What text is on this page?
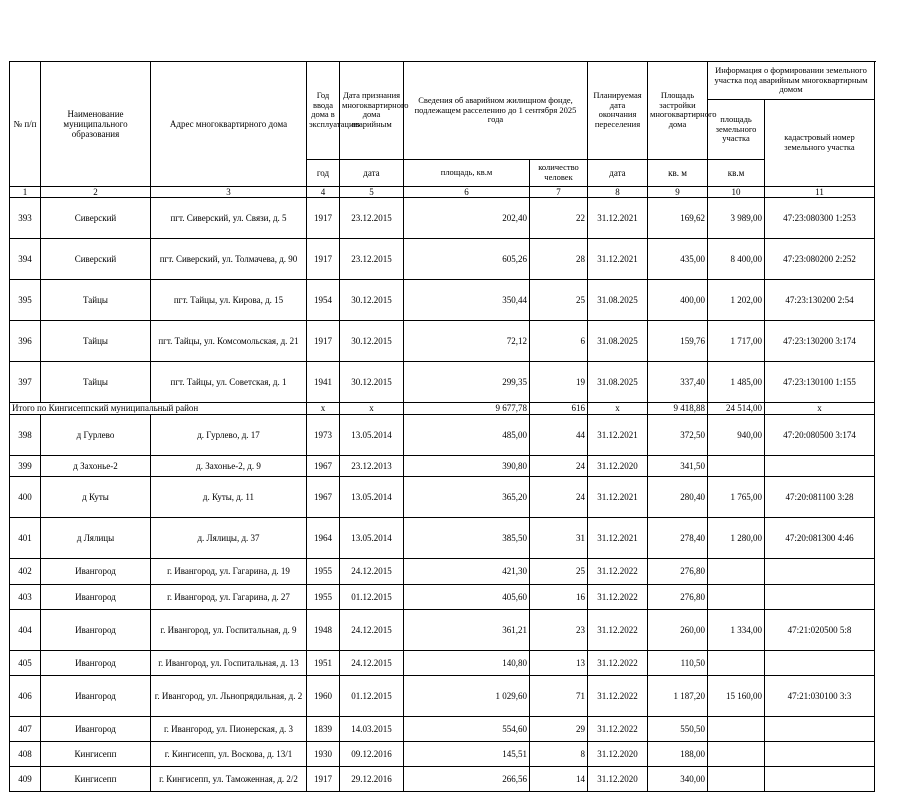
№ п/п	Наименование муниципального образования	Адрес многоквартирного дома	Год ввода дома в эксплуатацию	Дата признания многоквартирного дома аварийным	Сведения об аварийном жилищном фонде, подлежащем расселению до 1 сентября 2025 года		Планируемая дата окончания переселения	Площадь застройки многоквартирного дома	Информация о формировании земельного участка под аварийным многоквартирным домом		
									площадь земельного участка	кадастровый номер земельного участка	
			год	дата	площадь, кв.м	количество человек	дата	кв. м	кв.м		
1	2	3	4	5	6	7	8	9	10	11	
393	Сиверский	пгт. Сиверский, ул. Связи, д. 5	1917	23.12.2015	202,40	22	31.12.2021	169,62	3 989,00	47:23:080300 1:253	
394	Сиверский	пгт. Сиверский, ул. Толмачева, д. 90	1917	23.12.2015	605,26	28	31.12.2021	435,00	8 400,00	47:23:080200 2:252	
395	Тайцы	пгт. Тайцы, ул. Кирова, д. 15	1954	30.12.2015	350,44	25	31.08.2025	400,00	1 202,00	47:23:130200 2:54	
396	Тайцы	пгт. Тайцы, ул. Комсомольская, д. 21	1917	30.12.2015	72,12	6	31.08.2025	159,76	1 717,00	47:23:130200 3:174	
397	Тайцы	пгт. Тайцы, ул. Советская, д. 1	1941	30.12.2015	299,35	19	31.08.2025	337,40	1 485,00	47:23:130100 1:155	
Итого по Кингисеппский муниципальный район			x	x	9 677,78	616	x	9 418,88	24 514,00	x	
398	д Гурлево	д. Гурлево, д. 17	1973	13.05.2014	485,00	44	31.12.2021	372,50	940,00	47:20:080500 3:174	
399	д Захонье-2	д. Захонье-2, д. 9	1967	23.12.2013	390,80	24	31.12.2020	341,50			
400	д Куты	д. Куты, д. 11	1967	13.05.2014	365,20	24	31.12.2021	280,40	1 765,00	47:20:081100 3:28	
401	д Лялицы	д. Лялицы, д. 37	1964	13.05.2014	385,50	31	31.12.2021	278,40	1 280,00	47:20:081300 4:46	
402	Ивангород	г. Ивангород, ул. Гагарина, д. 19	1955	24.12.2015	421,30	25	31.12.2022	276,80			
403	Ивангород	г. Ивангород, ул. Гагарина, д. 27	1955	01.12.2015	405,60	16	31.12.2022	276,80			
404	Ивангород	г. Ивангород, ул. Госпитальная, д. 9	1948	24.12.2015	361,21	23	31.12.2022	260,00	1 334,00	47:21:020500 5:8	
405	Ивангород	г. Ивангород, ул. Госпитальная, д. 13	1951	24.12.2015	140,80	13	31.12.2022	110,50			
406	Ивангород	г. Ивангород, ул. Льнопрядильная, д. 2	1960	01.12.2015	1 029,60	71	31.12.2022	1 187,20	15 160,00	47:21:030100 3:3	
407	Ивангород	г. Ивангород, ул. Пионерская, д. 3	1839	14.03.2015	554,60	29	31.12.2022	550,50			
408	Кингисепп	г. Кингисепп, ул. Воскова, д. 13/1	1930	09.12.2016	145,51	8	31.12.2020	188,00			
409	Кингисепп	г. Кингисепп, ул. Таможенная, д. 2/2	1917	29.12.2016	266,56	14	31.12.2020	340,00			
